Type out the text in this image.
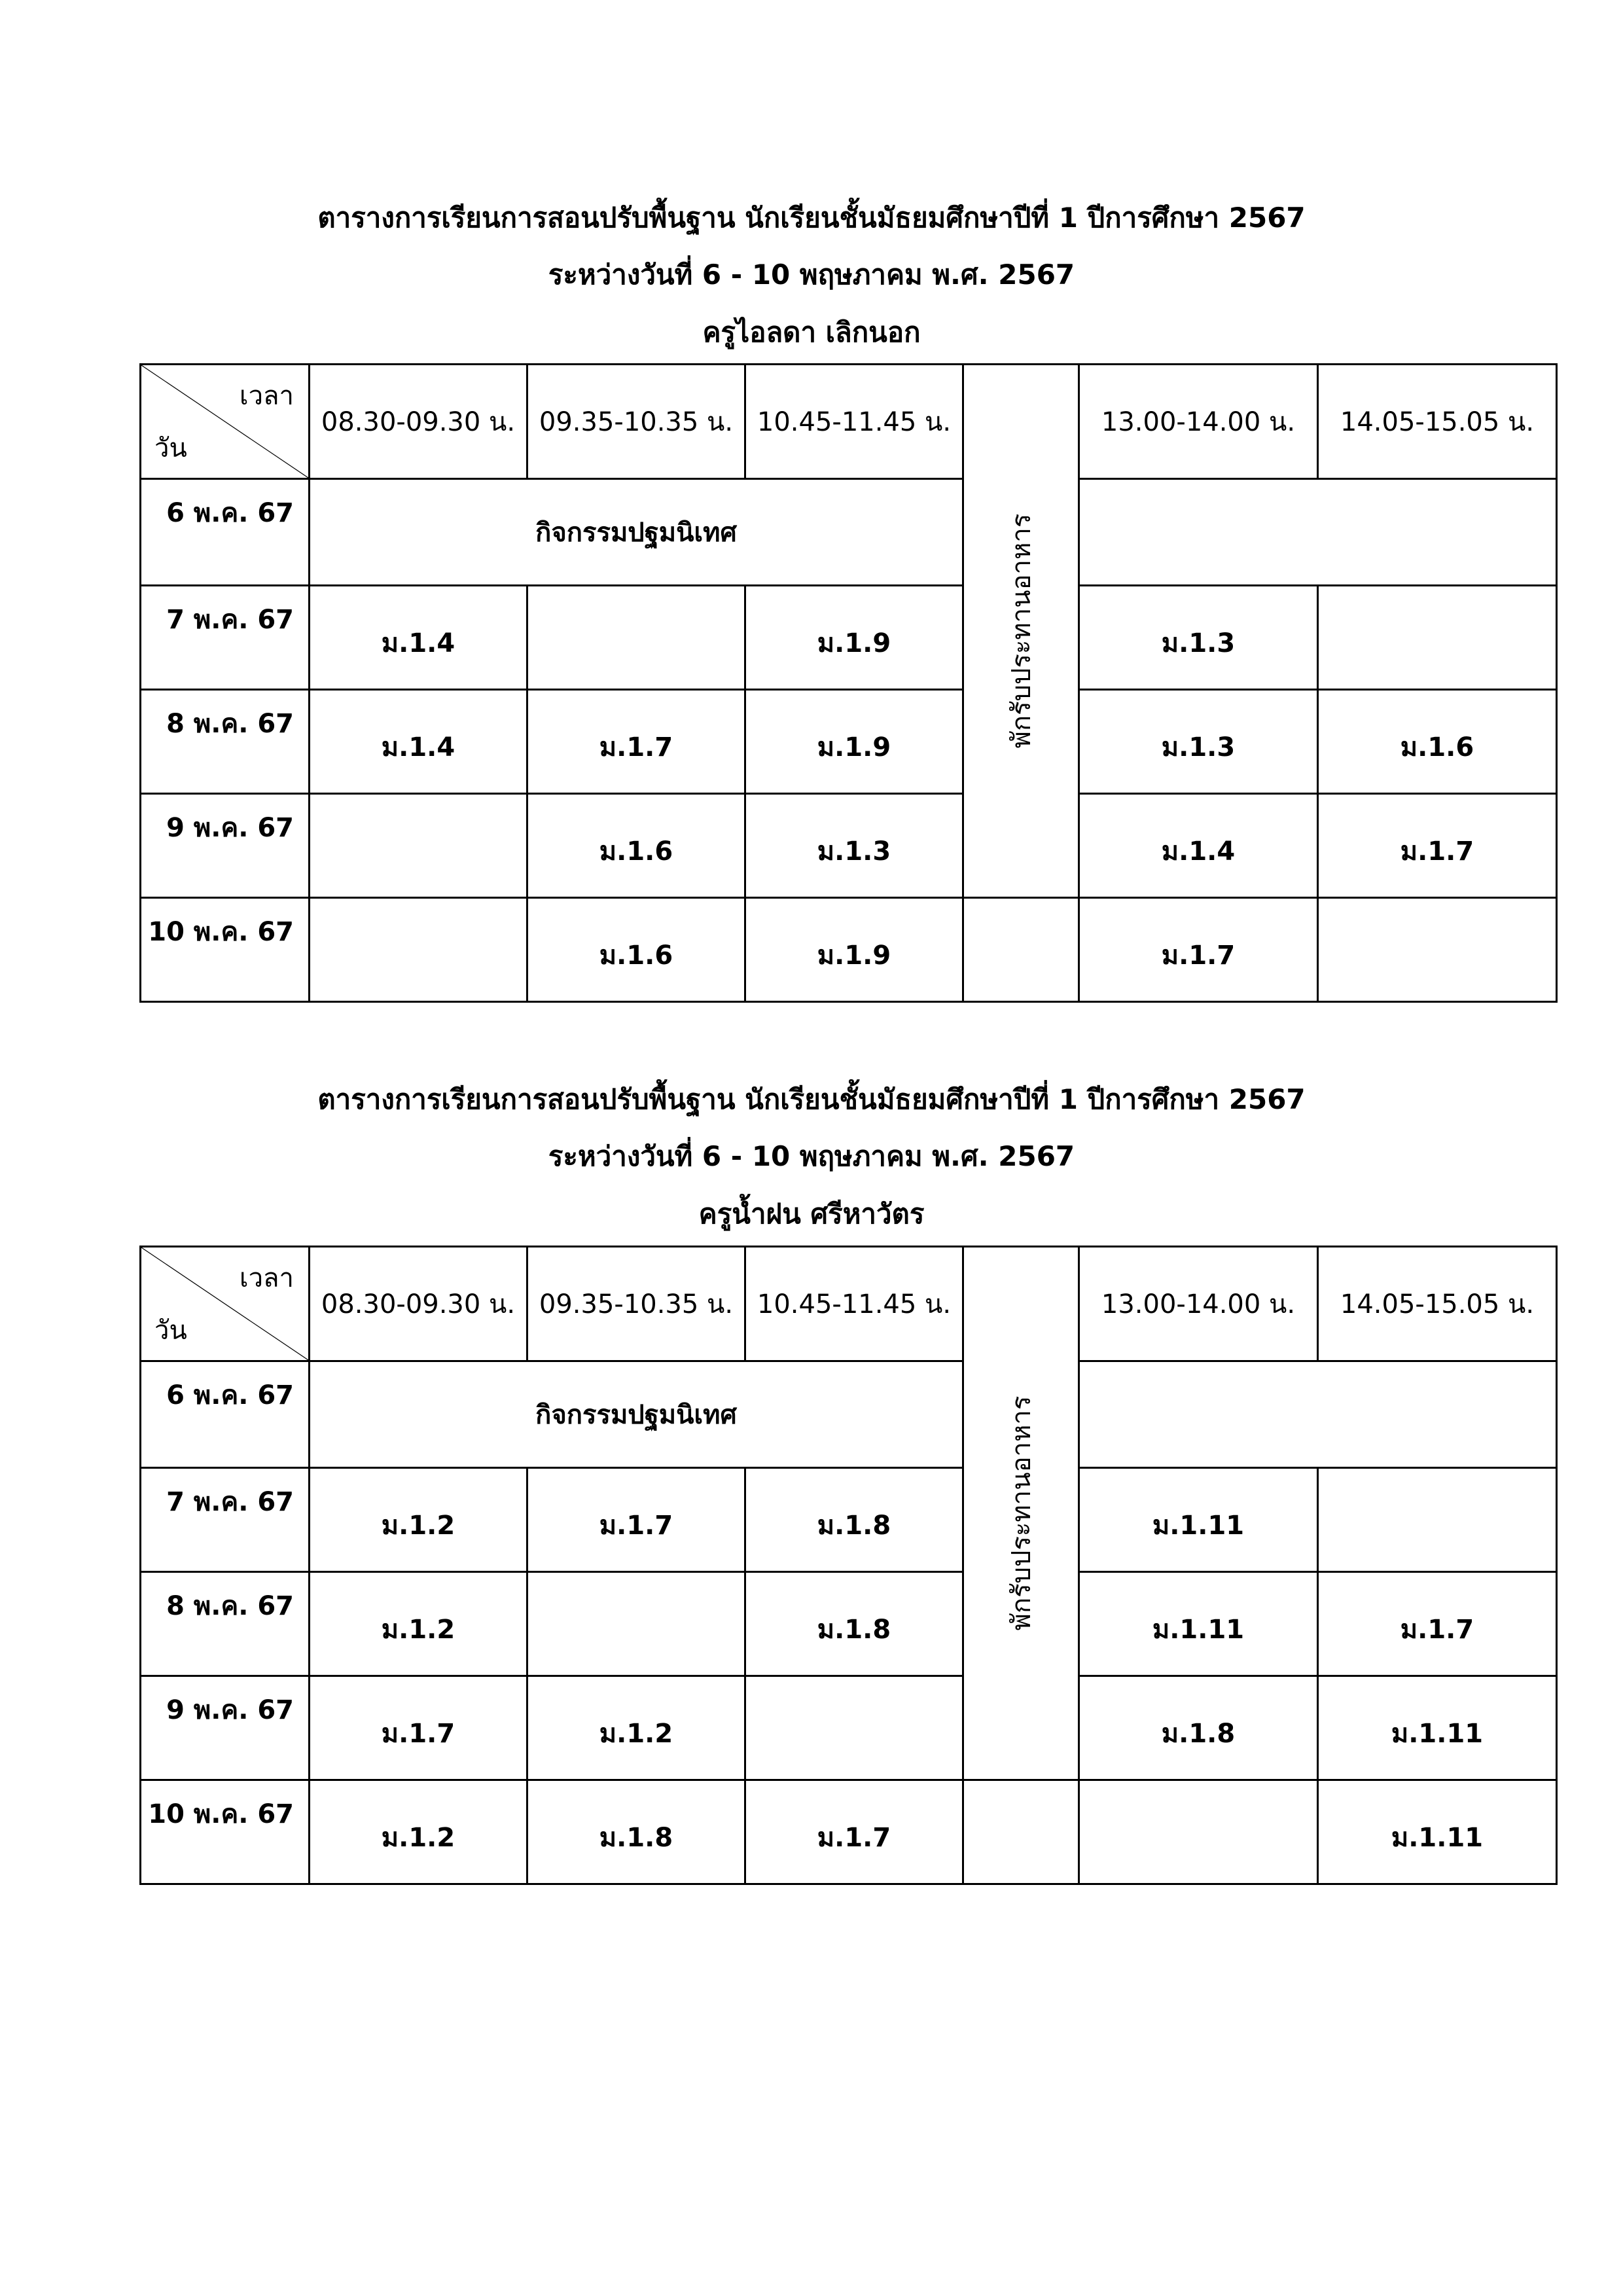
ตารางการเรียนการสอนปรับพื้นฐาน นักเรียนชั้นมัธยมศึกษาปีที่ 1 ปีการศึกษา 2567
ระหว่างวันที่ 6 - 10 พฤษภาคม พ.ศ. 2567
ครูไอลดา เลิกนอก
เวลา
วัน	08.30-09.30 น.	09.35-10.35 น.	10.45-11.45 น.	พักรับประทานอาหาร	13.00-14.00 น.	14.05-15.05 น.

6 พ.ค. 67	กิจกรรมปฐมนิเทศ					

7 พ.ค. 67	ม.1.4		ม.1.9		ม.1.3	

8 พ.ค. 67	ม.1.4	ม.1.7	ม.1.9		ม.1.3	ม.1.6

9 พ.ค. 67		ม.1.6	ม.1.3		ม.1.4	ม.1.7

10 พ.ค. 67		ม.1.6	ม.1.9		ม.1.7	
ตารางการเรียนการสอนปรับพื้นฐาน นักเรียนชั้นมัธยมศึกษาปีที่ 1 ปีการศึกษา 2567
ระหว่างวันที่ 6 - 10 พฤษภาคม พ.ศ. 2567
ครูน้ำฝน ศรีหาวัตร
เวลา
วัน	08.30-09.30 น.	09.35-10.35 น.	10.45-11.45 น.	พักรับประทานอาหาร	13.00-14.00 น.	14.05-15.05 น.

6 พ.ค. 67	กิจกรรมปฐมนิเทศ					

7 พ.ค. 67	ม.1.2	ม.1.7	ม.1.8		ม.1.11	

8 พ.ค. 67	ม.1.2		ม.1.8		ม.1.11	ม.1.7

9 พ.ค. 67	ม.1.7	ม.1.2			ม.1.8	ม.1.11

10 พ.ค. 67	ม.1.2	ม.1.8	ม.1.7			ม.1.11
